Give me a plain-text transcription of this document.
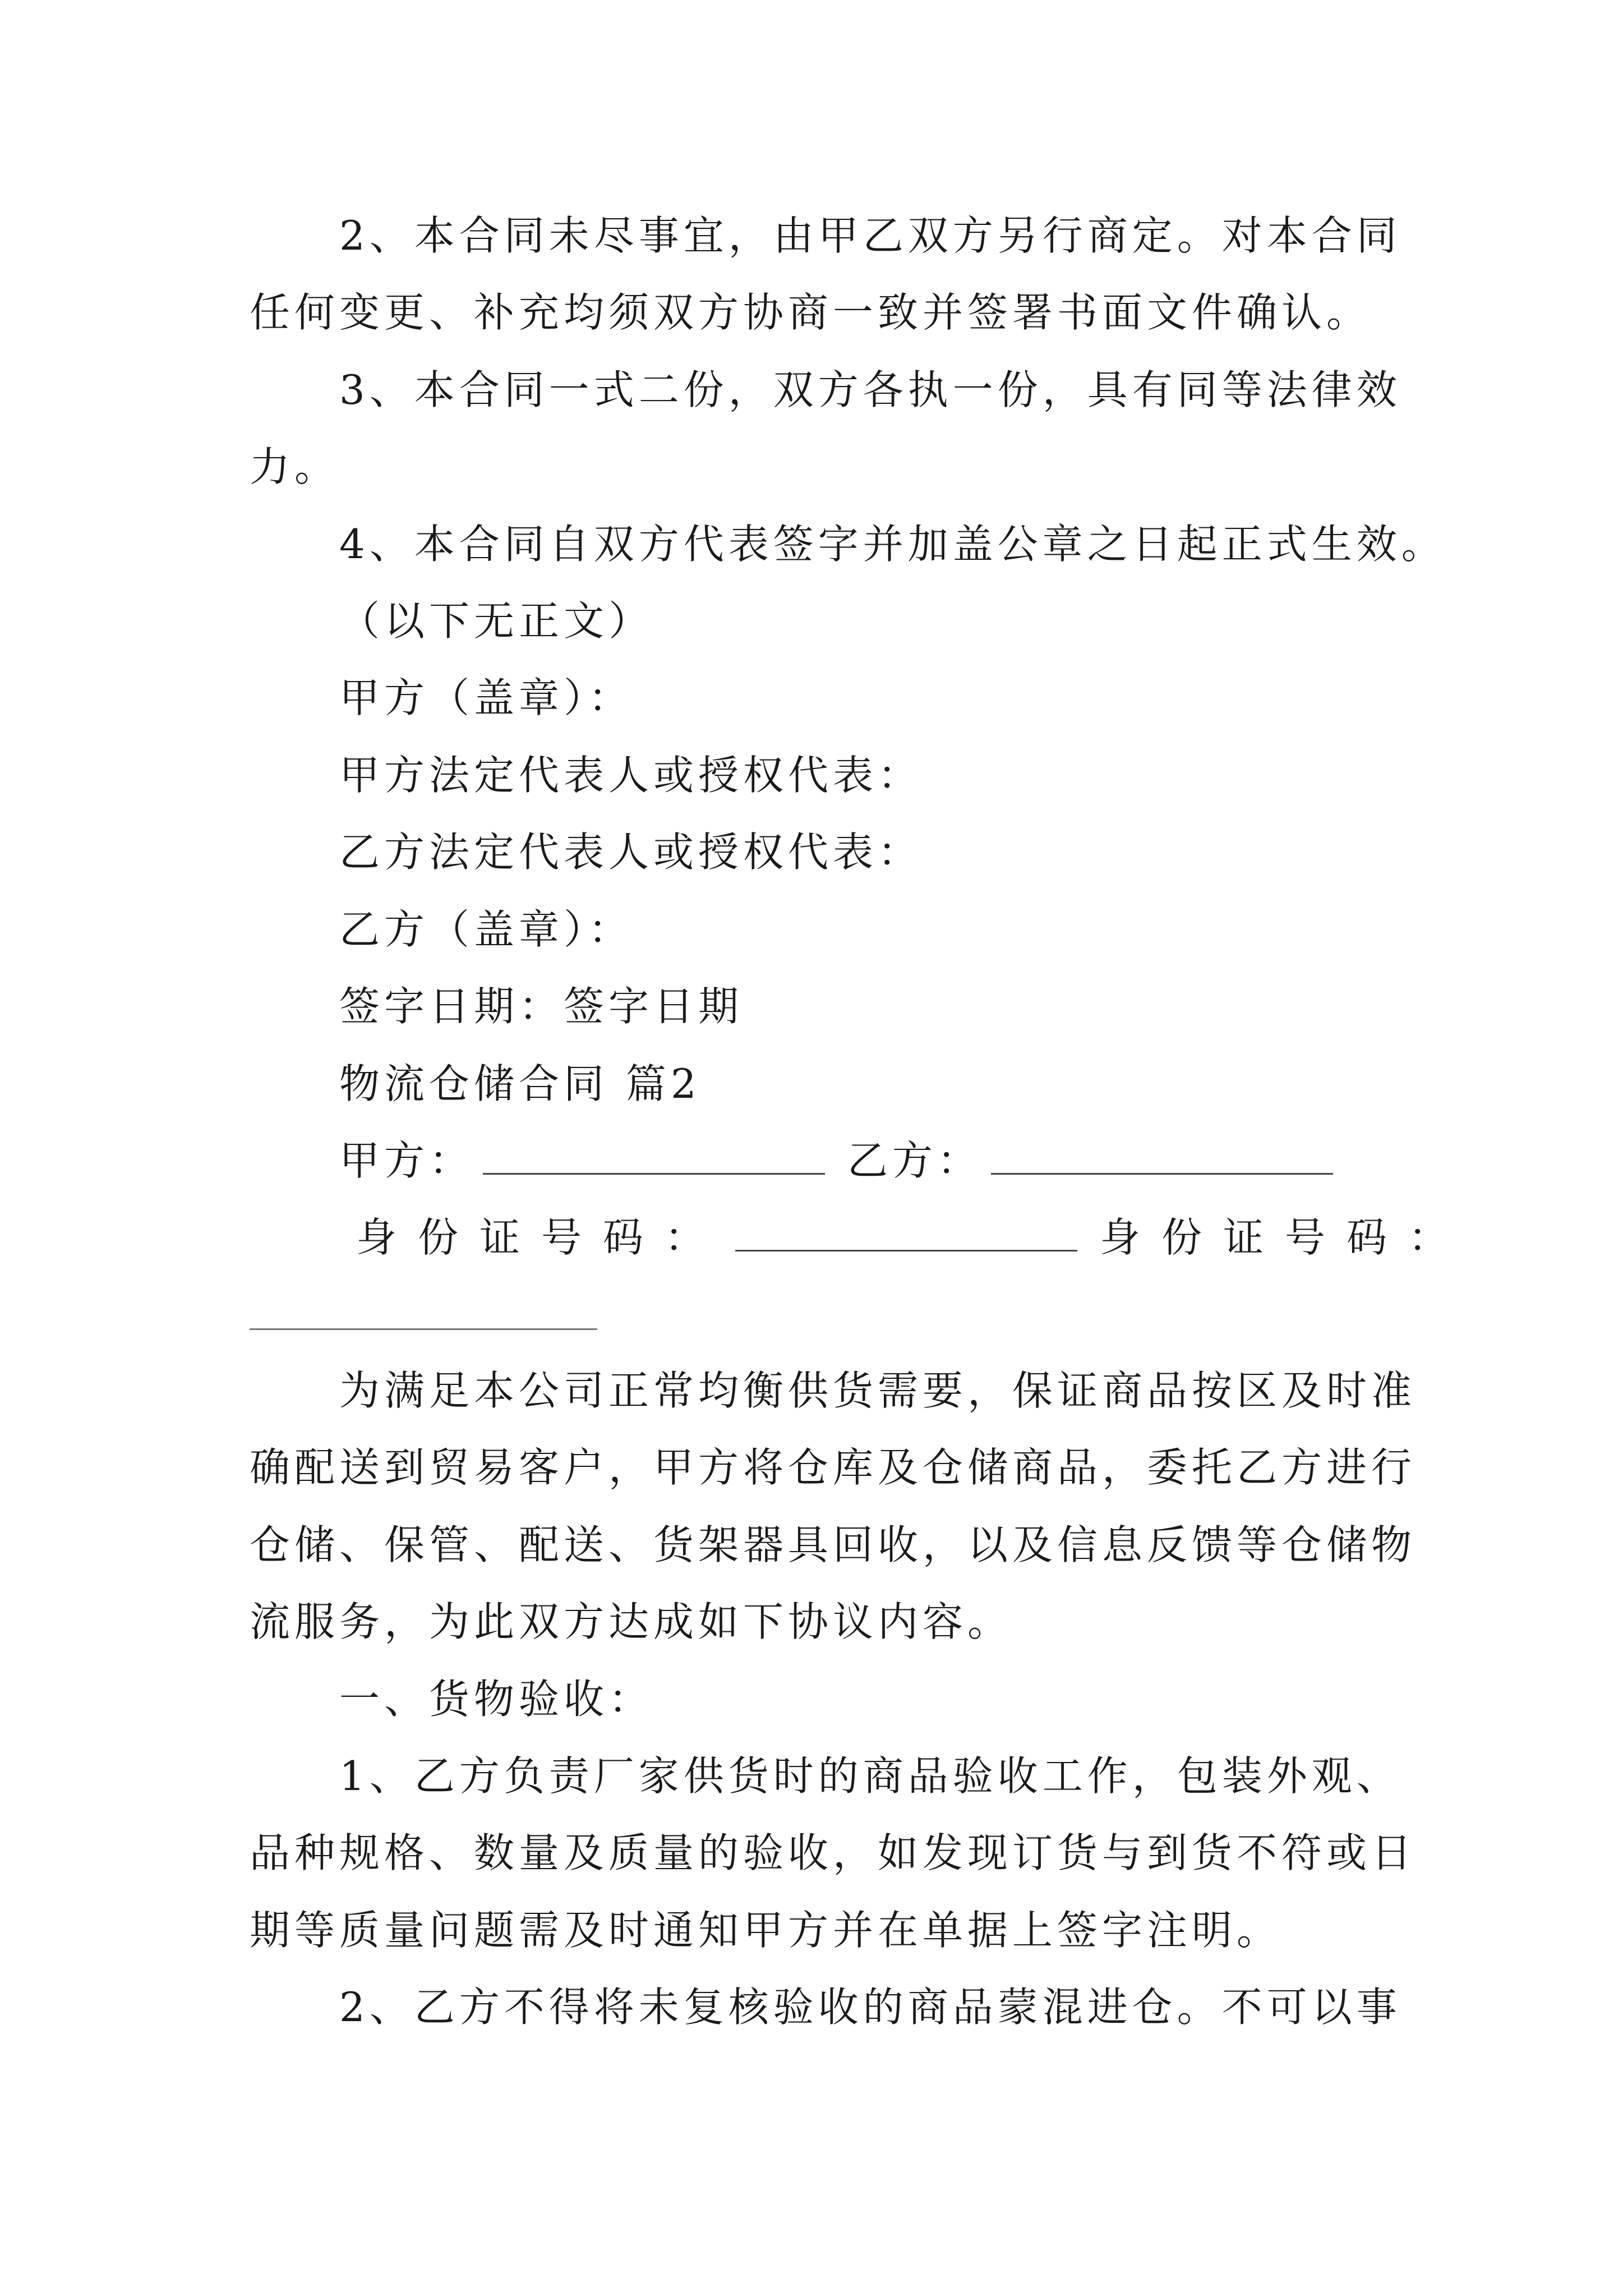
2、本合同未尽事宜，由甲乙双方另行商定。对本合同
任何变更、补充均须双方协商一致并签署书面文件确认。
3、本合同一式二份，双方各执一份，具有同等法律效
力。
4、本合同自双方代表签字并加盖公章之日起正式生效。
（以下无正文）
甲方（盖章）：
甲方法定代表人或授权代表：
乙方法定代表人或授权代表：
乙方（盖章）：
签字日期：签字日期
物流仓储合同 篇2
甲方：	乙方：
身份证号码：	身份证号码：
为满足本公司正常均衡供货需要，保证商品按区及时准
确配送到贸易客户，甲方将仓库及仓储商品，委托乙方进行
仓储、保管、配送、货架器具回收，以及信息反馈等仓储物
流服务，为此双方达成如下协议内容。
一、货物验收：
1、乙方负责厂家供货时的商品验收工作，包装外观、
品种规格、数量及质量的验收，如发现订货与到货不符或日
期等质量问题需及时通知甲方并在单据上签字注明。
2、乙方不得将未复核验收的商品蒙混进仓。不可以事
